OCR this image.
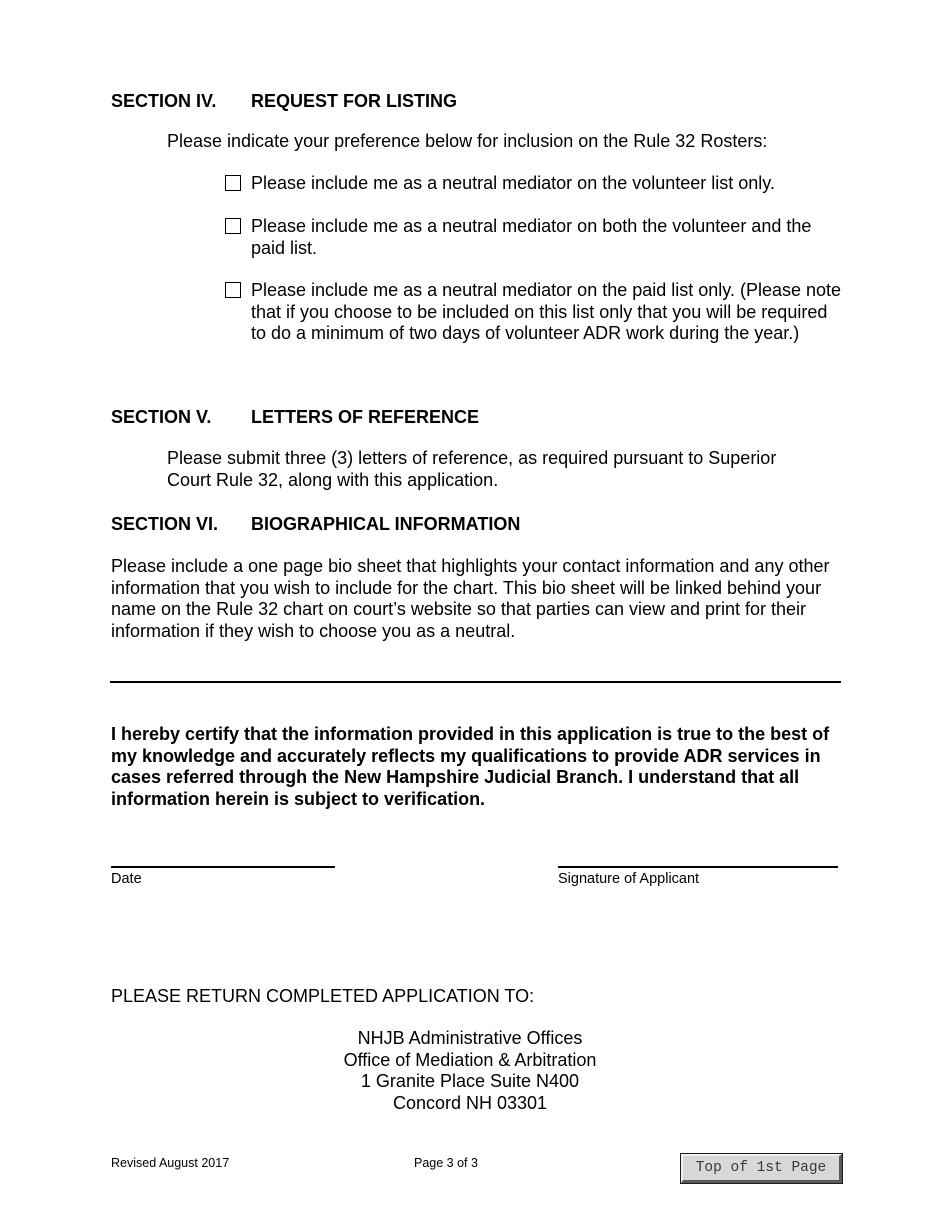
SECTION IV. REQUEST FOR LISTING
Please indicate your preference below for inclusion on the Rule 32 Rosters:
Please include me as a neutral mediator on the volunteer list only.
Please include me as a neutral mediator on both the volunteer and the paid list.
Please include me as a neutral mediator on the paid list only. (Please note that if you choose to be included on this list only that you will be required to do a minimum of two days of volunteer ADR work during the year.)
SECTION V. LETTERS OF REFERENCE
Please submit three (3) letters of reference, as required pursuant to Superior Court Rule 32, along with this application.
SECTION VI. BIOGRAPHICAL INFORMATION
Please include a one page bio sheet that highlights your contact information and any other information that you wish to include for the chart. This bio sheet will be linked behind your name on the Rule 32 chart on court’s website so that parties can view and print for their information if they wish to choose you as a neutral.
I hereby certify that the information provided in this application is true to the best of my knowledge and accurately reflects my qualifications to provide ADR services in cases referred through the New Hampshire Judicial Branch. I understand that all information herein is subject to verification.
Date	Signature of Applicant
PLEASE RETURN COMPLETED APPLICATION TO:
NHJB Administrative Offices
Office of Mediation & Arbitration
1 Granite Place Suite N400
Concord NH 03301
Revised August 2017	Page 3 of 3	Top of 1st Page
